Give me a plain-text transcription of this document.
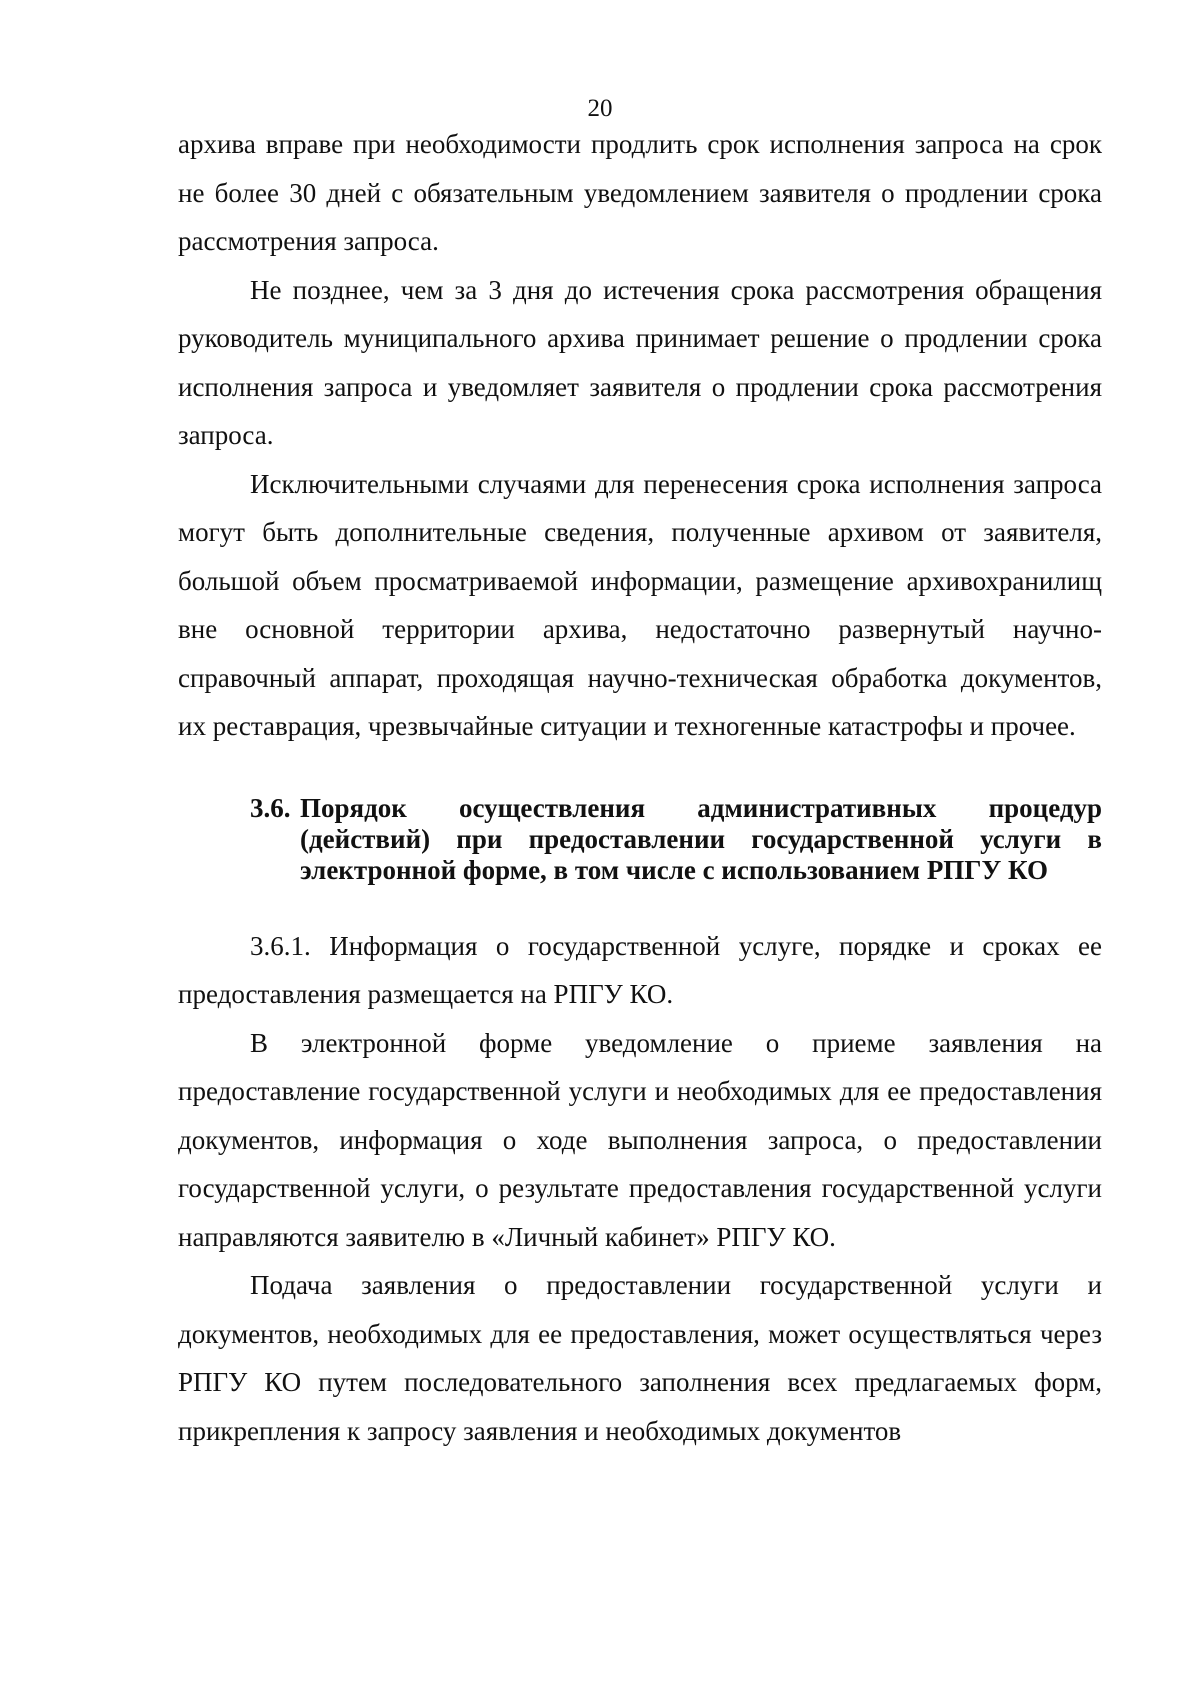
20

архива вправе при необходимости продлить срок исполнения запроса на срок не более 30 дней с обязательным уведомлением заявителя о продлении срока рассмотрения запроса.

Не позднее, чем за 3 дня до истечения срока рассмотрения обращения руководитель муниципального архива принимает решение о продлении срока исполнения запроса и уведомляет заявителя о продлении срока рассмотрения запроса.

Исключительными случаями для перенесения срока исполнения запроса могут быть дополнительные сведения, полученные архивом от заявителя, большой объем просматриваемой информации, размещение архивохранилищ вне основной территории архива, недостаточно развернутый научно-справочный аппарат, проходящая научно-техническая обработка документов, их реставрация, чрезвычайные ситуации и техногенные катастрофы и прочее.

3.6. Порядок осуществления административных процедур (действий) при предоставлении государственной услуги в электронной форме, в том числе с использованием РПГУ КО

3.6.1. Информация о государственной услуге, порядке и сроках ее предоставления размещается на РПГУ КО.

В электронной форме уведомление о приеме заявления на предоставление государственной услуги и необходимых для ее предоставления документов, информация о ходе выполнения запроса, о предоставлении государственной услуги, о результате предоставления государственной услуги направляются заявителю в «Личный кабинет» РПГУ КО.

Подача заявления о предоставлении государственной услуги и документов, необходимых для ее предоставления, может осуществляться через РПГУ КО путем последовательного заполнения всех предлагаемых форм, прикрепления к запросу заявления и необходимых документов
